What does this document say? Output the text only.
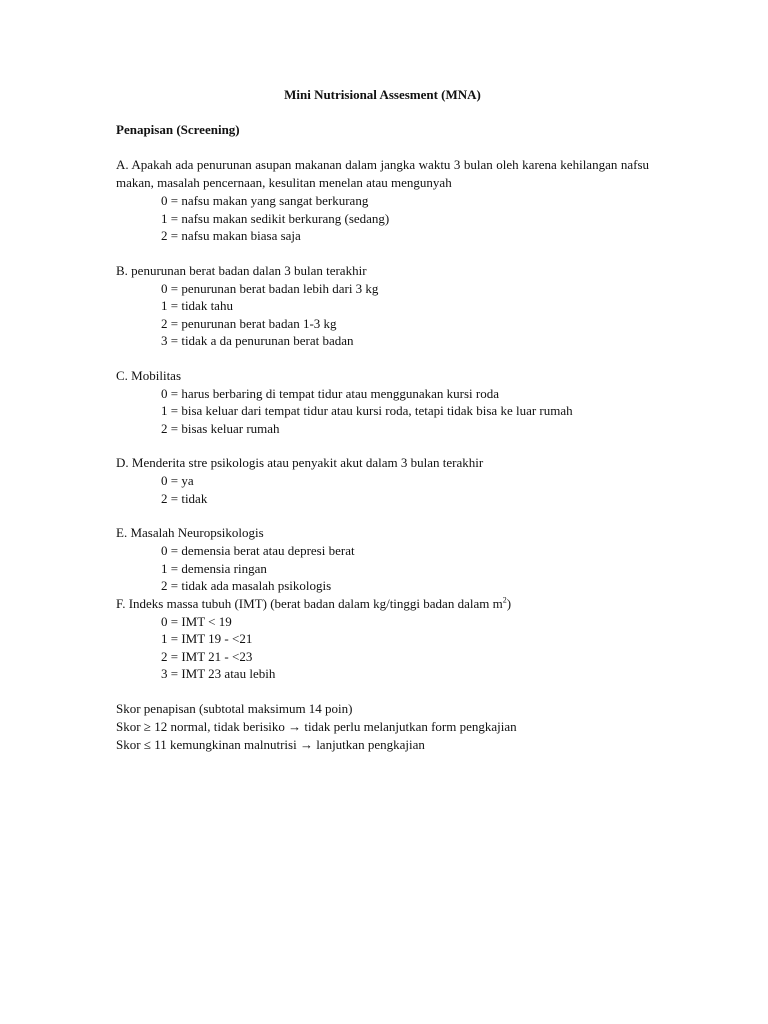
Mini Nutrisional Assesment (MNA)
Penapisan (Screening)
A. Apakah ada penurunan asupan makanan dalam jangka waktu 3 bulan oleh karena kehilangan nafsu makan, masalah pencernaan, kesulitan menelan atau mengunyah
0 = nafsu makan yang sangat berkurang
1 = nafsu makan sedikit berkurang (sedang)
2 = nafsu makan biasa saja
B. penurunan berat badan dalan 3 bulan terakhir
0 = penurunan berat badan lebih dari 3 kg
1 = tidak tahu
2 = penurunan berat badan 1-3 kg
3 = tidak a da penurunan berat badan
C. Mobilitas
0 = harus berbaring di tempat tidur atau menggunakan kursi roda
1 = bisa keluar dari tempat tidur atau kursi roda, tetapi tidak bisa ke luar rumah
2 = bisas keluar rumah
D. Menderita stre psikologis atau penyakit akut dalam 3 bulan terakhir
0 = ya
2 = tidak
E. Masalah Neuropsikologis
0 = demensia berat atau depresi berat
1 = demensia ringan
2 = tidak ada masalah psikologis
F. Indeks massa tubuh (IMT) (berat badan dalam kg/tinggi badan dalam $m^2$)
0 = IMT < 19
1 = IMT 19 - <21
2 = IMT 21 - <23
3 = IMT 23 atau lebih
Skor penapisan (subtotal maksimum 14 poin)
Skor ≥ 12 normal, tidak berisiko → tidak perlu melanjutkan form pengkajian
Skor ≤ 11 kemungkinan malnutrisi → lanjutkan pengkajian
